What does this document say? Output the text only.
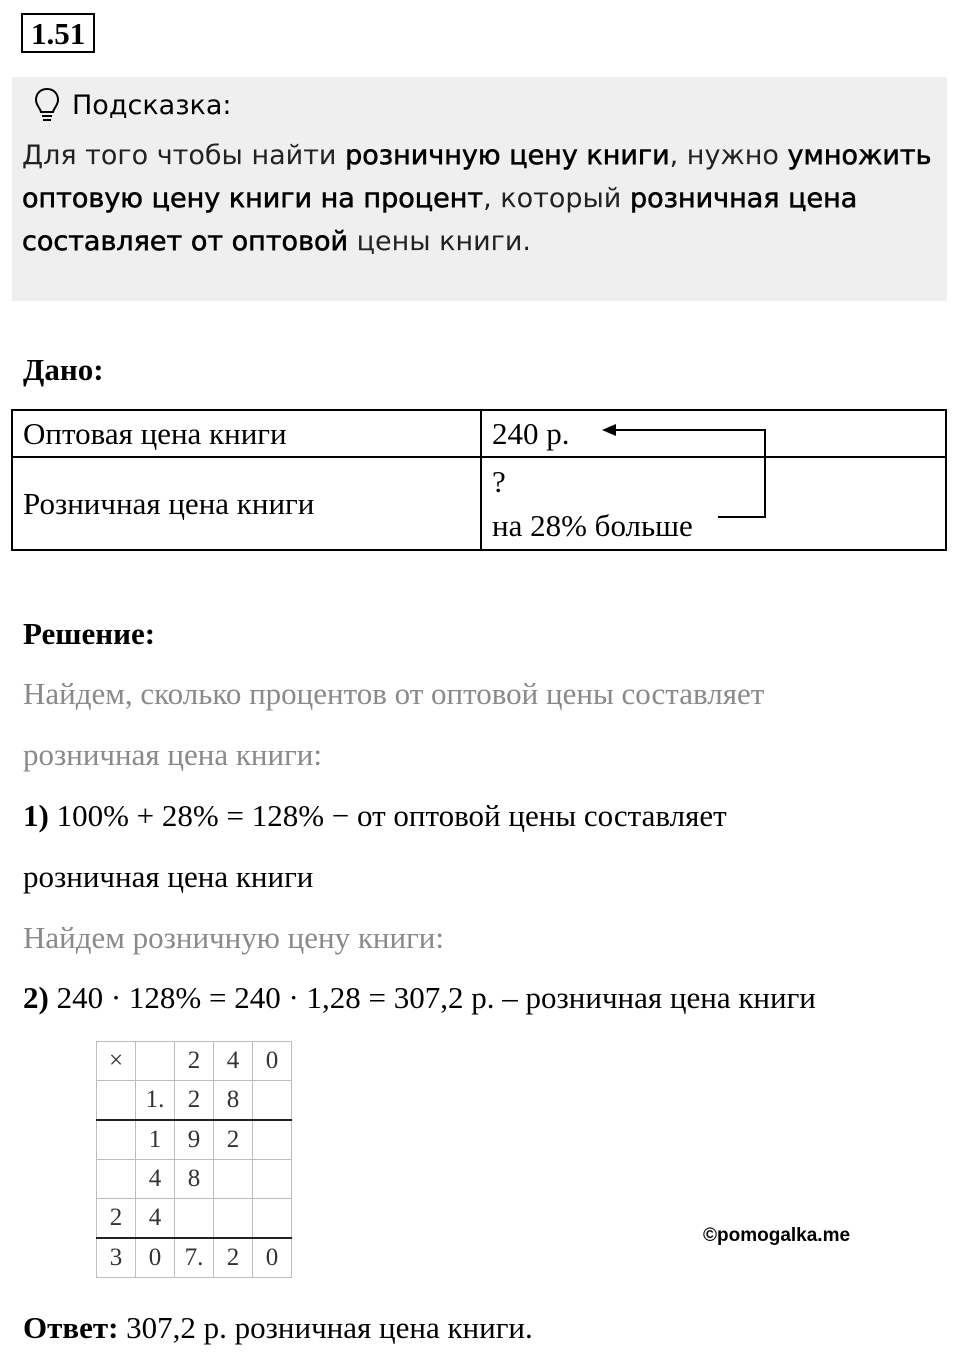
1.51
Подсказка:
Для того чтобы найти розничную цену книги, нужно умножить оптовую цену книги на процент, который розничная цена составляет от оптовой цены книги.
Дано:
Оптовая цена книги	240 р.
Розничная цена книги	?
на 28% больше
Решение:
Найдем, сколько процентов от оптовой цены составляет
розничная цена книги:
1) 100% + 28% = 128% − от оптовой цены составляет
розничная цена книги
Найдем розничную цену книги:
2) 240 · 128% = 240 · 1,28 = 307,2 р. – розничная цена книги
×		2	4	0
	1.	2	8	
	1	9	2	
	4	8		
2	4			
3	0	7.	2	0
©pomogalka.me
Ответ: 307,2 р. розничная цена книги.
